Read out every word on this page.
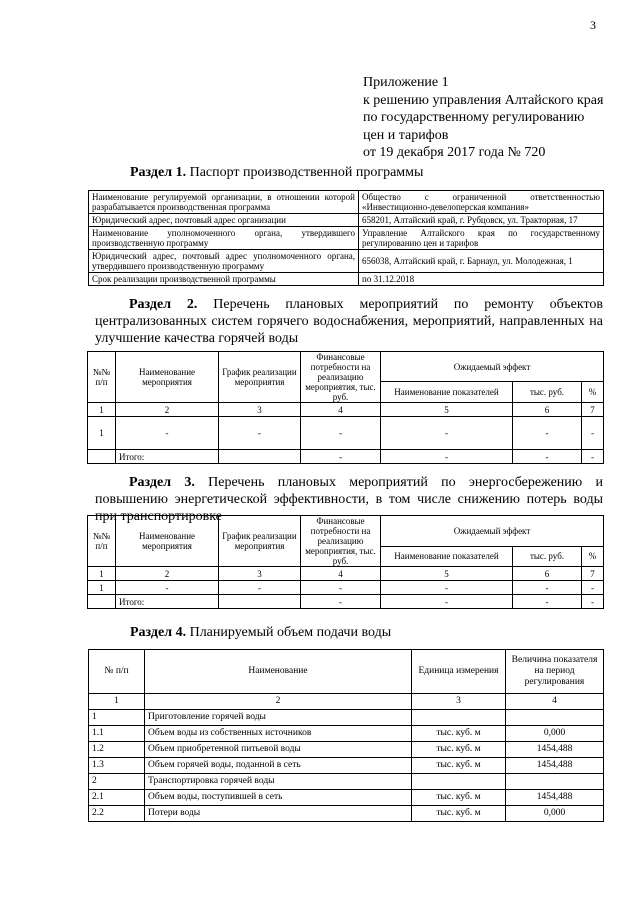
3
Приложение 1
к решению управления Алтайского края
по государственному регулированию
цен и тарифов
от 19 декабря 2017 года № 720
Раздел 1. Паспорт производственной программы
Наименование регулируемой организации, в отношении которой разрабатывается производственная программа	Общество с ограниченной ответственностью «Инвестиционно-девелоперская компания»
Юридический адрес, почтовый адрес организации	658201, Алтайский край, г. Рубцовск, ул. Тракторная, 17
Наименование уполномоченного органа, утвердившего производственную программу	Управление Алтайского края по государственному регулированию цен и тарифов
Юридический адрес, почтовый адрес уполномоченного органа, утвердившего производственную программу	656038, Алтайский край, г. Барнаул, ул. Молодежная, 1
Срок реализации производственной программы	по 31.12.2018
Раздел 2. Перечень плановых мероприятий по ремонту объектов централизованных систем горячего водоснабжения, мероприятий, направленных на улучшение качества горячей воды
№№ п/п	Наименование мероприятия	График реализации мероприятия	Финансовые потребности на реализацию мероприятия, тыс. руб.	Ожидаемый эффект		
				Наименование показателей	тыс. руб.	%
1	2	3	4	5	6	7
1	-	-	-	-	-	-
	Итого:		-	-	-	-
Раздел 3. Перечень плановых мероприятий по энергосбережению и повышению энергетической эффективности, в том числе снижению потерь воды при транспортировке
№№ п/п	Наименование мероприятия	График реализации мероприятия	Финансовые потребности на реализацию мероприятия, тыс. руб.	Ожидаемый эффект		
				Наименование показателей	тыс. руб.	%
1	2	3	4	5	6	7
1	-	-	-	-	-	-
	Итого:		-	-	-	-
Раздел 4. Планируемый объем подачи воды
№ п/п	Наименование	Единица измерения	Величина показателя на период регулирования
1	2	3	4
1	Приготовление горячей воды		
1.1	Объем воды из собственных источников	тыс. куб. м	0,000
1.2	Объем приобретенной питьевой воды	тыс. куб. м	1454,488
1.3	Объем горячей воды, поданной в сеть	тыс. куб. м	1454,488
2	Транспортировка горячей воды		
2.1	Объем воды, поступившей в сеть	тыс. куб. м	1454,488
2.2	Потери воды	тыс. куб. м	0,000
